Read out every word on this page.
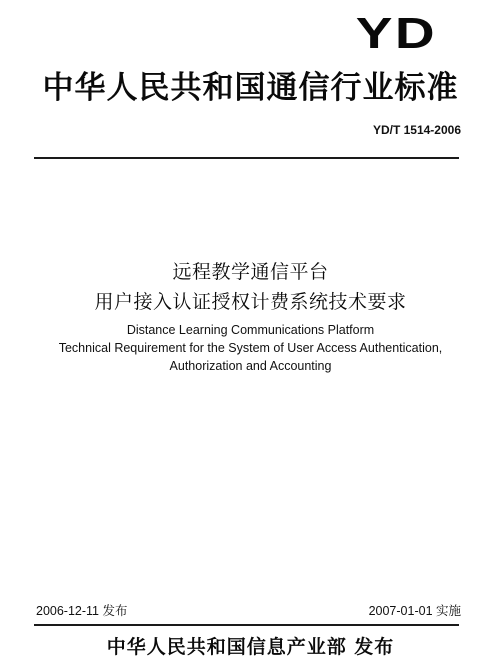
YD
中华人民共和国通信行业标准
YD/T 1514-2006
远程教学通信平台
用户接入认证授权计费系统技术要求
Distance Learning Communications Platform
Technical Requirement for the System of User Access Authentication,
Authorization and Accounting
2006-12-11 发布	2007-01-01 实施
中华人民共和国信息产业部 发布
